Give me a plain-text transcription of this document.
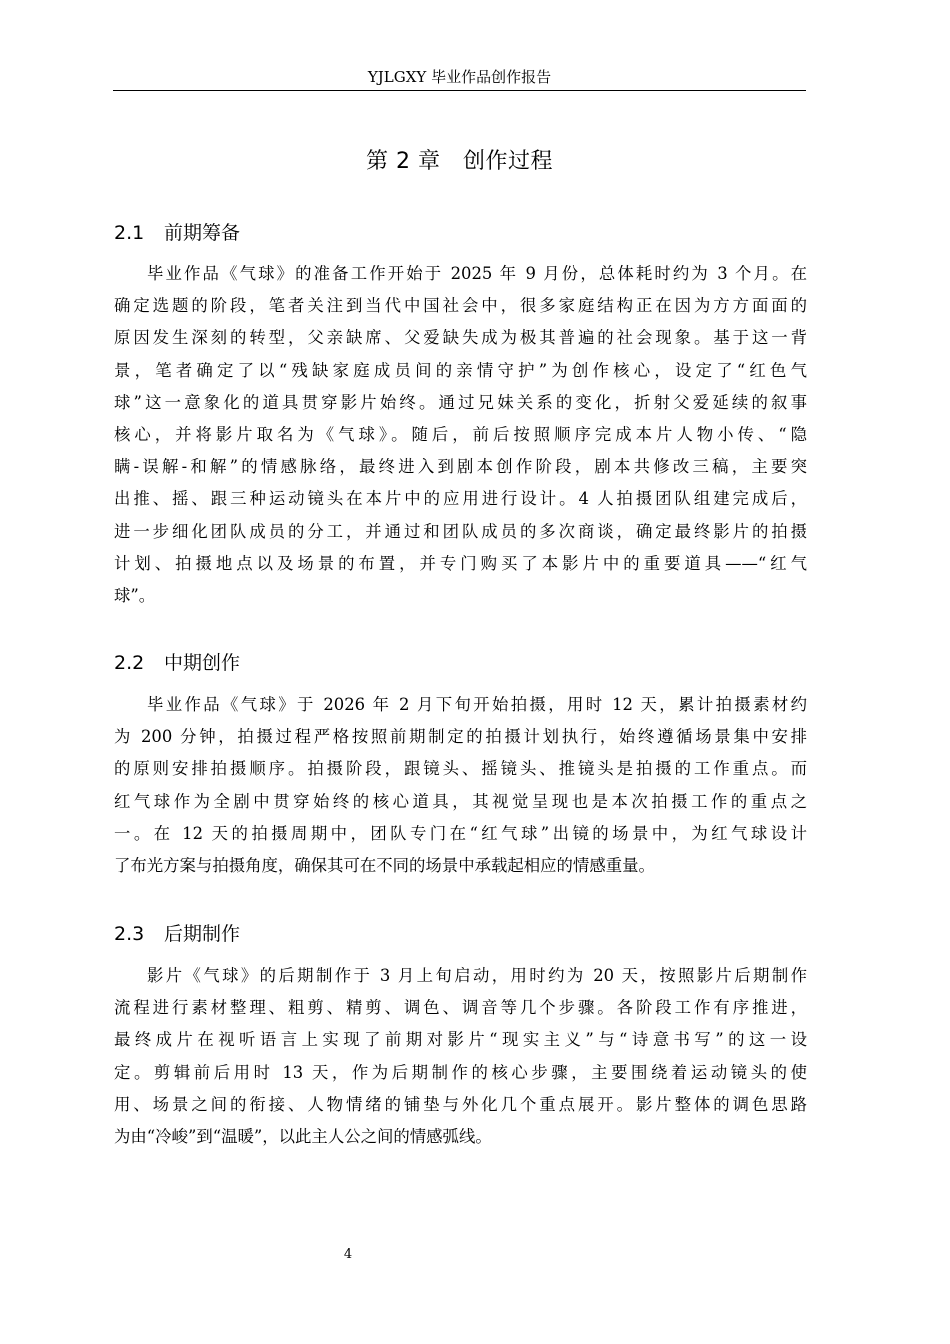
YJLGXY 毕业作品创作报告
第 2 章　创作过程
2.1 前期筹备
毕业作品《气球》的准备工作开始于 2025 年 9 月份，总体耗时约为 3 个月。在
确定选题的阶段，笔者关注到当代中国社会中，很多家庭结构正在因为方方面面的
原因发生深刻的转型，父亲缺席、父爱缺失成为极其普遍的社会现象。基于这一背
景，笔者确定了以“残缺家庭成员间的亲情守护”为创作核心，设定了“红色气
球”这一意象化的道具贯穿影片始终。通过兄妹关系的变化，折射父爱延续的叙事
核心，并将影片取名为《气球》。随后，前后按照顺序完成本片人物小传、“隐
瞒-误解-和解”的情感脉络，最终进入到剧本创作阶段，剧本共修改三稿，主要突
出推、摇、跟三种运动镜头在本片中的应用进行设计。4 人拍摄团队组建完成后，
进一步细化团队成员的分工，并通过和团队成员的多次商谈，确定最终影片的拍摄
计划、拍摄地点以及场景的布置，并专门购买了本影片中的重要道具——“红气
球”。
2.2 中期创作
毕业作品《气球》于 2026 年 2 月下旬开始拍摄，用时 12 天，累计拍摄素材约
为 200 分钟，拍摄过程严格按照前期制定的拍摄计划执行，始终遵循场景集中安排
的原则安排拍摄顺序。拍摄阶段，跟镜头、摇镜头、推镜头是拍摄的工作重点。而
红气球作为全剧中贯穿始终的核心道具，其视觉呈现也是本次拍摄工作的重点之
一。在 12 天的拍摄周期中，团队专门在“红气球”出镜的场景中，为红气球设计
了布光方案与拍摄角度，确保其可在不同的场景中承载起相应的情感重量。
2.3 后期制作
影片《气球》的后期制作于 3 月上旬启动，用时约为 20 天，按照影片后期制作
流程进行素材整理、粗剪、精剪、调色、调音等几个步骤。各阶段工作有序推进，
最终成片在视听语言上实现了前期对影片“现实主义”与“诗意书写”的这一设
定。剪辑前后用时 13 天，作为后期制作的核心步骤，主要围绕着运动镜头的使
用、场景之间的衔接、人物情绪的铺垫与外化几个重点展开。影片整体的调色思路
为由“冷峻”到“温暖”，以此主人公之间的情感弧线。
4
